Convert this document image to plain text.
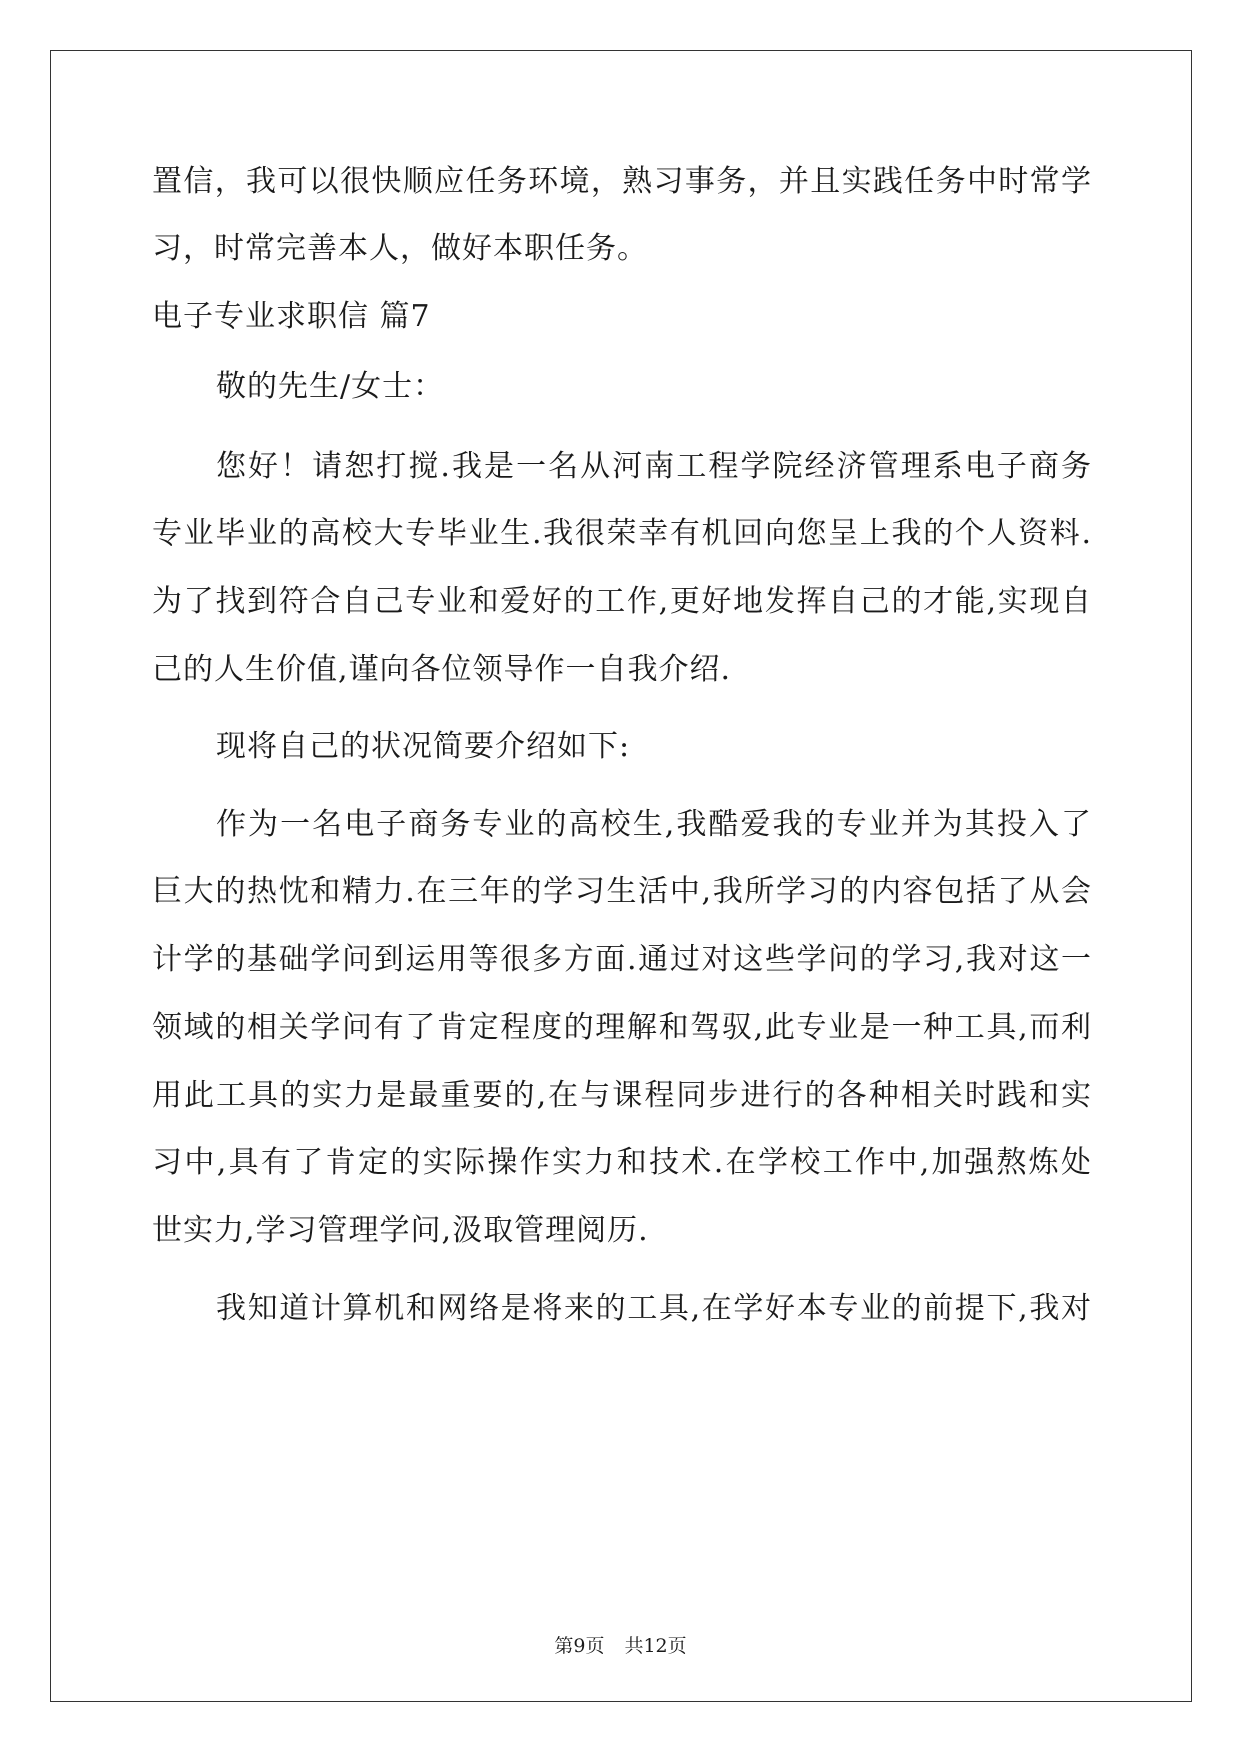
置信，我可以很快顺应任务环境，熟习事务，并且实践任务中时常学
习，时常完善本人，做好本职任务。
电子专业求职信 篇7
敬的先生/女士：
您好！请恕打搅.我是一名从河南工程学院经济管理系电子商务
专业毕业的高校大专毕业生.我很荣幸有机回向您呈上我的个人资料.
为了找到符合自己专业和爱好的工作,更好地发挥自己的才能,实现自
己的人生价值,谨向各位领导作一自我介绍.
现将自己的状况简要介绍如下:
作为一名电子商务专业的高校生,我酷爱我的专业并为其投入了
巨大的热忱和精力.在三年的学习生活中,我所学习的内容包括了从会
计学的基础学问到运用等很多方面.通过对这些学问的学习,我对这一
领域的相关学问有了肯定程度的理解和驾驭,此专业是一种工具,而利
用此工具的实力是最重要的,在与课程同步进行的各种相关时践和实
习中,具有了肯定的实际操作实力和技术.在学校工作中,加强熬炼处
世实力,学习管理学问,汲取管理阅历.
我知道计算机和网络是将来的工具,在学好本专业的前提下,我对
第9页 共12页
